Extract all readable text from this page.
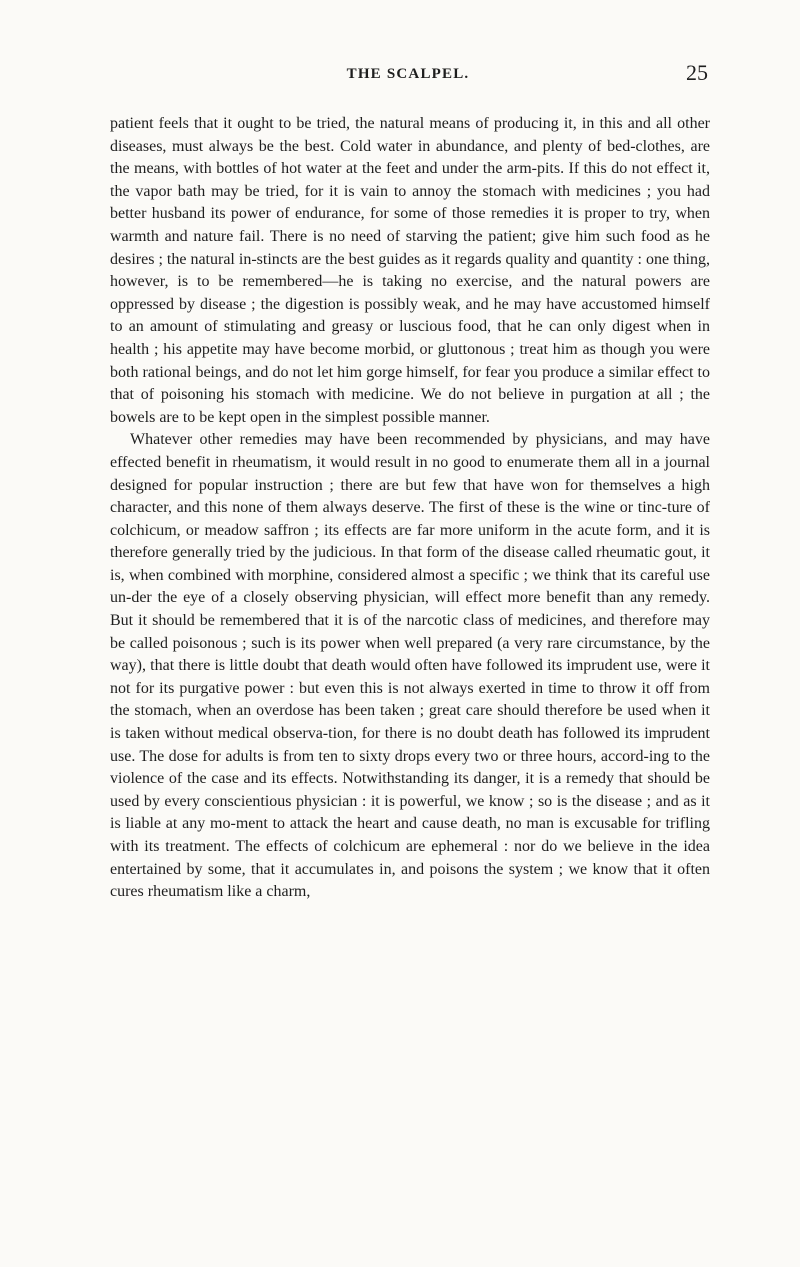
THE SCALPEL.	25

patient feels that it ought to be tried, the natural means of producing it, in this and all other diseases, must always be the best. Cold water in abundance, and plenty of bed-clothes, are the means, with bottles of hot water at the feet and under the arm-pits. If this do not effect it, the vapor bath may be tried, for it is vain to annoy the stomach with medicines ; you had better husband its power of endurance, for some of those remedies it is proper to try, when warmth and nature fail. There is no need of starving the patient; give him such food as he desires ; the natural in-stincts are the best guides as it regards quality and quantity : one thing, however, is to be remembered—he is taking no exercise, and the natural powers are oppressed by disease ; the digestion is possibly weak, and he may have accustomed himself to an amount of stimulating and greasy or luscious food, that he can only digest when in health ; his appetite may have become morbid, or gluttonous ; treat him as though you were both rational beings, and do not let him gorge himself, for fear you produce a similar effect to that of poisoning his stomach with medicine. We do not believe in purgation at all ; the bowels are to be kept open in the simplest possible manner.

Whatever other remedies may have been recommended by physicians, and may have effected benefit in rheumatism, it would result in no good to enumerate them all in a journal designed for popular instruction ; there are but few that have won for themselves a high character, and this none of them always deserve. The first of these is the wine or tinc-ture of colchicum, or meadow saffron ; its effects are far more uniform in the acute form, and it is therefore generally tried by the judicious. In that form of the disease called rheumatic gout, it is, when combined with morphine, considered almost a specific ; we think that its careful use un-der the eye of a closely observing physician, will effect more benefit than any remedy. But it should be remembered that it is of the narcotic class of medicines, and therefore may be called poisonous ; such is its power when well prepared (a very rare circumstance, by the way), that there is little doubt that death would often have followed its imprudent use, were it not for its purgative power : but even this is not always exerted in time to throw it off from the stomach, when an overdose has been taken ; great care should therefore be used when it is taken without medical observa-tion, for there is no doubt death has followed its imprudent use. The dose for adults is from ten to sixty drops every two or three hours, accord-ing to the violence of the case and its effects. Notwithstanding its danger, it is a remedy that should be used by every conscientious physician : it is powerful, we know ; so is the disease ; and as it is liable at any mo-ment to attack the heart and cause death, no man is excusable for trifling with its treatment. The effects of colchicum are ephemeral : nor do we believe in the idea entertained by some, that it accumulates in, and poisons the system ; we know that it often cures rheumatism like a charm,
